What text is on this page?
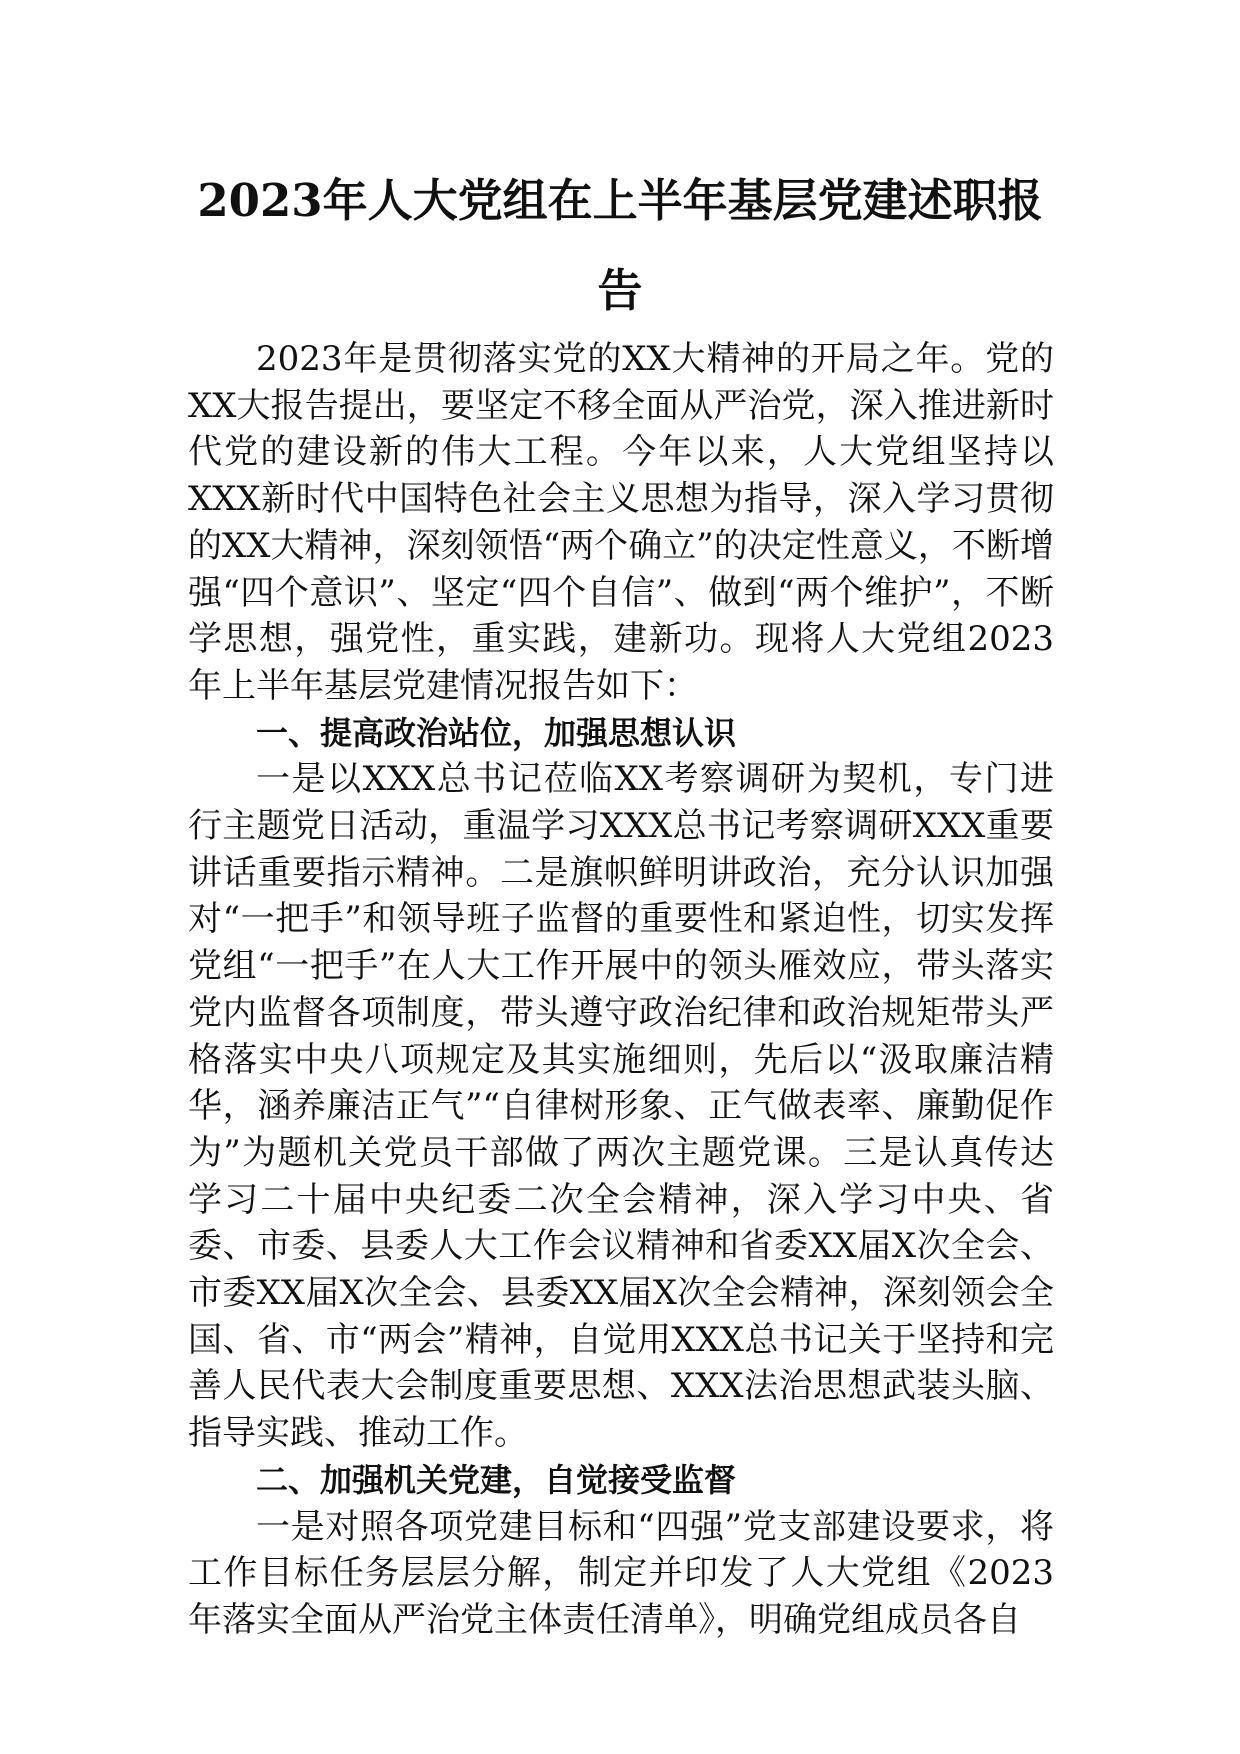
2023年人大党组在上半年基层党建述职报
告

2023年是贯彻落实党的XX大精神的开局之年。党的XX大报告提出，要坚定不移全面从严治党，深入推进新时代党的建设新的伟大工程。今年以来，人大党组坚持以XXX新时代中国特色社会主义思想为指导，深入学习贯彻的XX大精神，深刻领悟“两个确立”的决定性意义，不断增强“四个意识”、坚定“四个自信”、做到“两个维护”，不断学思想，强党性，重实践，建新功。现将人大党组2023年上半年基层党建情况报告如下：

一、提高政治站位，加强思想认识

一是以XXX总书记莅临XX考察调研为契机，专门进行主题党日活动，重温学习XXX总书记考察调研XXX重要讲话重要指示精神。二是旗帜鲜明讲政治，充分认识加强对“一把手”和领导班子监督的重要性和紧迫性，切实发挥党组“一把手”在人大工作开展中的领头雁效应，带头落实党内监督各项制度，带头遵守政治纪律和政治规矩带头严格落实中央八项规定及其实施细则，先后以“汲取廉洁精华，涵养廉洁正气”“自律树形象、正气做表率、廉勤促作为”为题机关党员干部做了两次主题党课。三是认真传达学习二十届中央纪委二次全会精神，深入学习中央、省委、市委、县委人大工作会议精神和省委XX届X次全会、市委XX届X次全会、县委XX届X次全会精神，深刻领会全国、省、市“两会”精神，自觉用XXX总书记关于坚持和完善人民代表大会制度重要思想、XXX法治思想武装头脑、指导实践、推动工作。

二、加强机关党建，自觉接受监督

一是对照各项党建目标和“四强”党支部建设要求，将工作目标任务层层分解，制定并印发了人大党组《2023年落实全面从严治党主体责任清单》，明确党组成员各自
